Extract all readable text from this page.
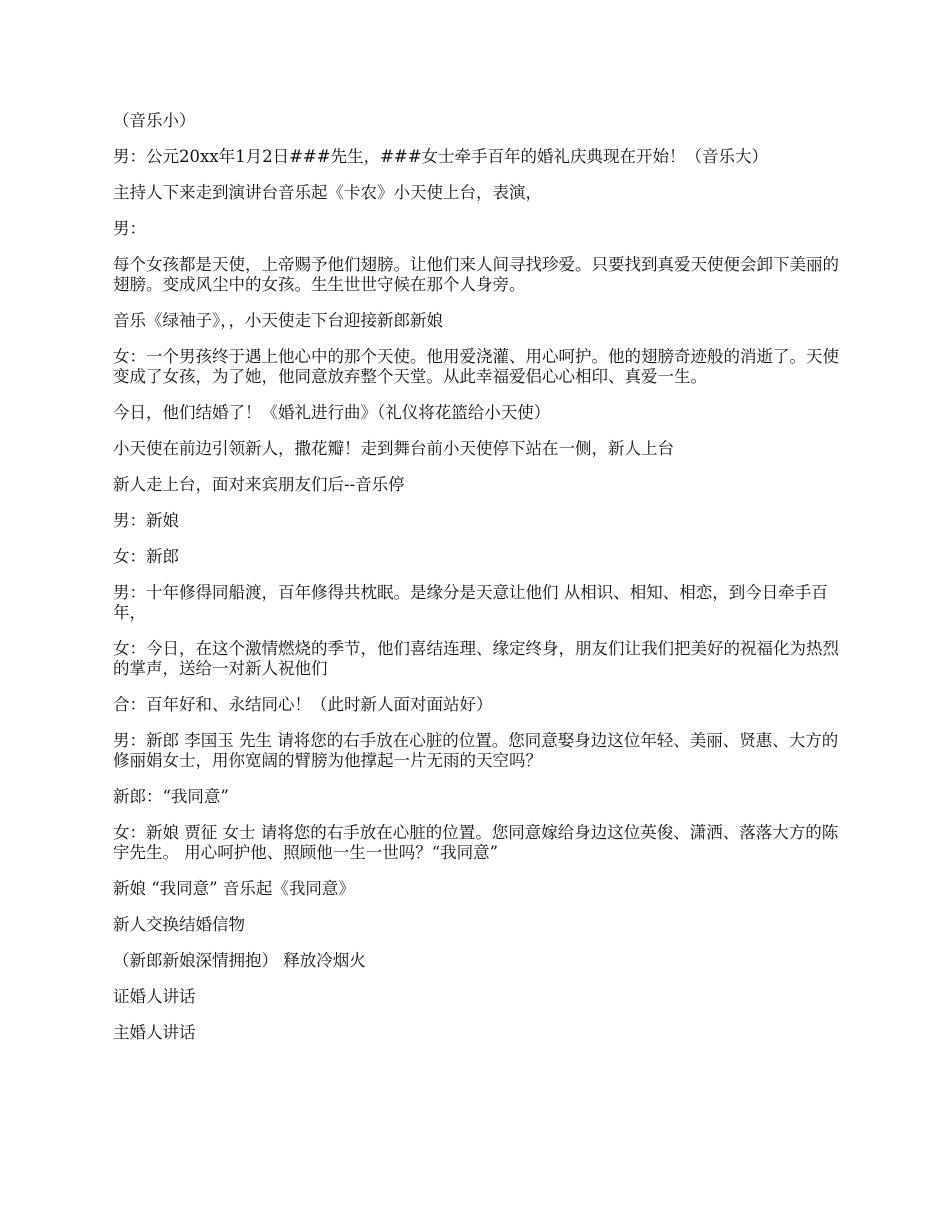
（音乐小）

男：公元20xx年1月2日###先生，###女士牵手百年的婚礼庆典现在开始！（音乐大）

主持人下来走到演讲台音乐起《卡农》小天使上台，表演，

男：

每个女孩都是天使，上帝赐予他们翅膀。让他们来人间寻找珍爱。只要找到真爱天使便会卸下美丽的翅膀。变成风尘中的女孩。生生世世守候在那个人身旁。

音乐《绿袖子》，，小天使走下台迎接新郎新娘

女：一个男孩终于遇上他心中的那个天使。他用爱浇灌、用心呵护。他的翅膀奇迹般的消逝了。天使变成了女孩，为了她，他同意放弃整个天堂。从此幸福爱侣心心相印、真爱一生。

今日，他们结婚了！《婚礼进行曲》（礼仪将花篮给小天使）

小天使在前边引领新人，撒花瓣！走到舞台前小天使停下站在一侧，新人上台

新人走上台，面对来宾朋友们后--音乐停

男：新娘

女：新郎

男：十年修得同船渡，百年修得共枕眠。是缘分是天意让他们 从相识、相知、相恋，到今日牵手百年，

女：今日，在这个激情燃烧的季节，他们喜结连理、缘定终身，朋友们让我们把美好的祝福化为热烈的掌声，送给一对新人祝他们

合：百年好和、永结同心！（此时新人面对面站好）

男：新郎 李国玉 先生 请将您的右手放在心脏的位置。您同意娶身边这位年轻、美丽、贤惠、大方的修丽娟女士，用你宽阔的臂膀为他撑起一片无雨的天空吗？

新郎：“我同意”

女：新娘 贾征 女士 请将您的右手放在心脏的位置。您同意嫁给身边这位英俊、潇洒、落落大方的陈宇先生。 用心呵护他、照顾他一生一世吗？“我同意”

新娘 “我同意” 音乐起《我同意》

新人交换结婚信物

（新郎新娘深情拥抱） 释放冷烟火

证婚人讲话

主婚人讲话
